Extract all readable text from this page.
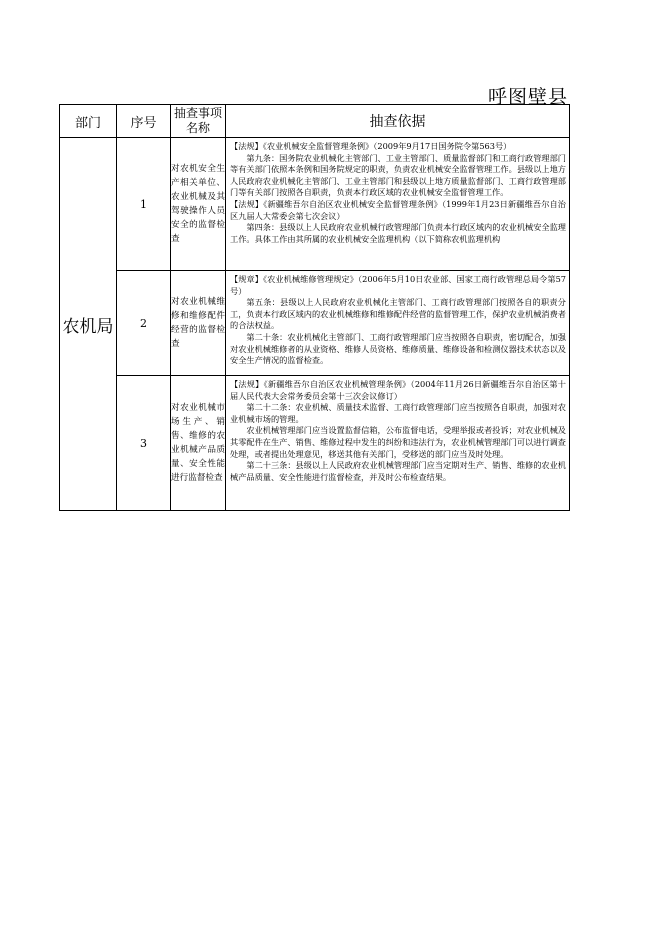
呼图壁县
部门	序号	抽查事项名称	抽查依据
农机局	1	对农机安全生产相关单位、农业机械及其驾驶操作人员安全的监督检查	【法规】《农业机械安全监督管理条例》（2009年9月17日国务院令第563号）

第九条：国务院农业机械化主管部门、工业主管部门、质量监督部门和工商行政管理部门等有关部门依照本条例和国务院规定的职责，负责农业机械安全监督管理工作。县级以上地方人民政府农业机械化主管部门、工业主管部门和县级以上地方质量监督部门、工商行政管理部门等有关部门按照各自职责，负责本行政区域的农业机械安全监督管理工作。

【法规】《新疆维吾尔自治区农业机械安全监督管理条例》（1999年1月23日新疆维吾尔自治区九届人大常委会第七次会议）

第四条：县级以上人民政府农业机械行政管理部门负责本行政区域内的农业机械安全监理工作。具体工作由其所属的农业机械安全监理机构（以下简称农机监理机构

	2	对农业机械维修和维修配件经营的监督检查	【规章】《农业机械维修管理规定》（2006年5月10日农业部、国家工商行政管理总局令第57号）

第五条：县级以上人民政府农业机械化主管部门、工商行政管理部门按照各自的职责分工，负责本行政区域内的农业机械维修和维修配件经营的监督管理工作，保护农业机械消费者的合法权益。

第二十条：农业机械化主管部门、工商行政管理部门应当按照各自职责，密切配合，加强对农业机械维修者的从业资格、维修人员资格、维修质量、维修设备和检测仪器技术状态以及安全生产情况的监督检查。

	3	对农业机械市场生产、销售、维修的农业机械产品质量、安全性能进行监督检查	【法规】《新疆维吾尔自治区农业机械管理条例》（2004年11月26日新疆维吾尔自治区第十届人民代表大会常务委员会第十三次会议修订）

第二十二条：农业机械、质量技术监督、工商行政管理部门应当按照各自职责，加强对农业机械市场的管理。

农业机械管理部门应当设置监督信箱，公布监督电话，受理举报或者投诉；对农业机械及其零配件在生产、销售、维修过程中发生的纠纷和违法行为，农业机械管理部门可以进行调查处理，或者提出处理意见，移送其他有关部门，受移送的部门应当及时处理。

第二十三条：县级以上人民政府农业机械管理部门应当定期对生产、销售、维修的农业机械产品质量、安全性能进行监督检查，并及时公布检查结果。
